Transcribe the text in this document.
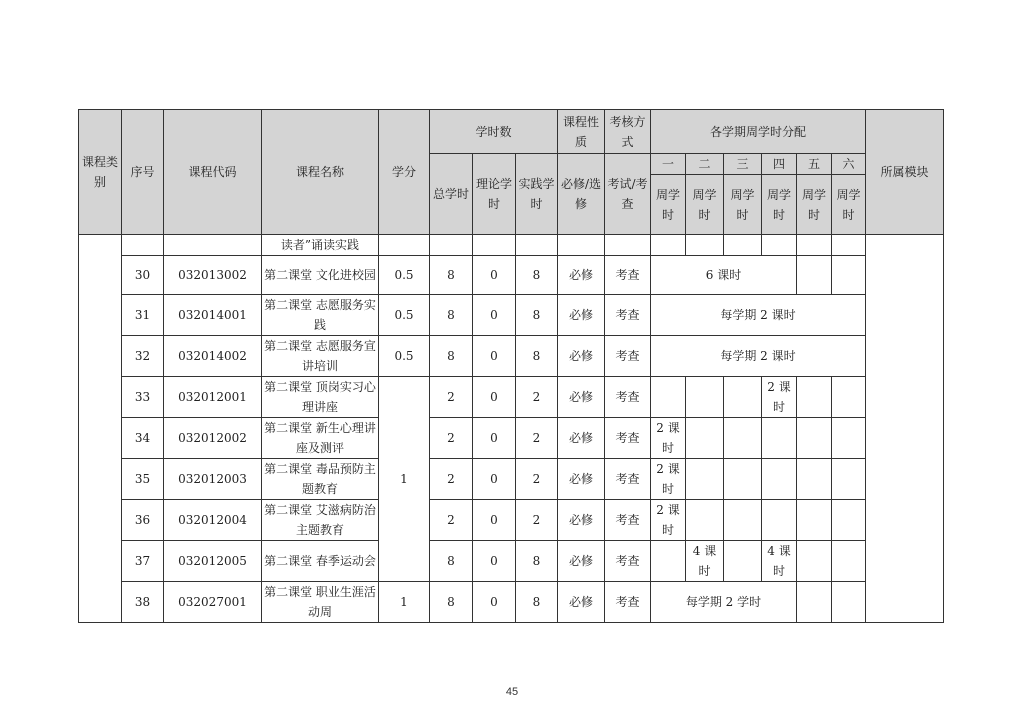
课程类别	序号	课程代码	课程名称	学分	学时数			课程性质	考核方式	各学期周学时分配						所属模块
					总学时	理论学时	实践学时	必修/选修	考试/考查	一	二	三	四	五	六	
										周学时	周学时	周学时	周学时	周学时	周学时	
			读者”诵读实践													
	30	032013002	第二课堂 文化进校园	0.5	8	0	8	必修	考查	6 课时						
	31	032014001	第二课堂 志愿服务实践	0.5	8	0	8	必修	考查	每学期 2 课时						
	32	032014002	第二课堂 志愿服务宣讲培训	0.5	8	0	8	必修	考查	每学期 2 课时						
	33	032012001	第二课堂 顶岗实习心理讲座	1	2	0	2	必修	考查				2 课时			
	34	032012002	第二课堂 新生心理讲座及测评		2	0	2	必修	考查	2 课时						
	35	032012003	第二课堂 毒品预防主题教育		2	0	2	必修	考查	2 课时						
	36	032012004	第二课堂 艾滋病防治主题教育		2	0	2	必修	考查	2 课时						
	37	032012005	第二课堂 春季运动会		8	0	8	必修	考查		4 课时		4 课时			
	38	032027001	第二课堂 职业生涯活动周	1	8	0	8	必修	考查	每学期 2 学时						
45
